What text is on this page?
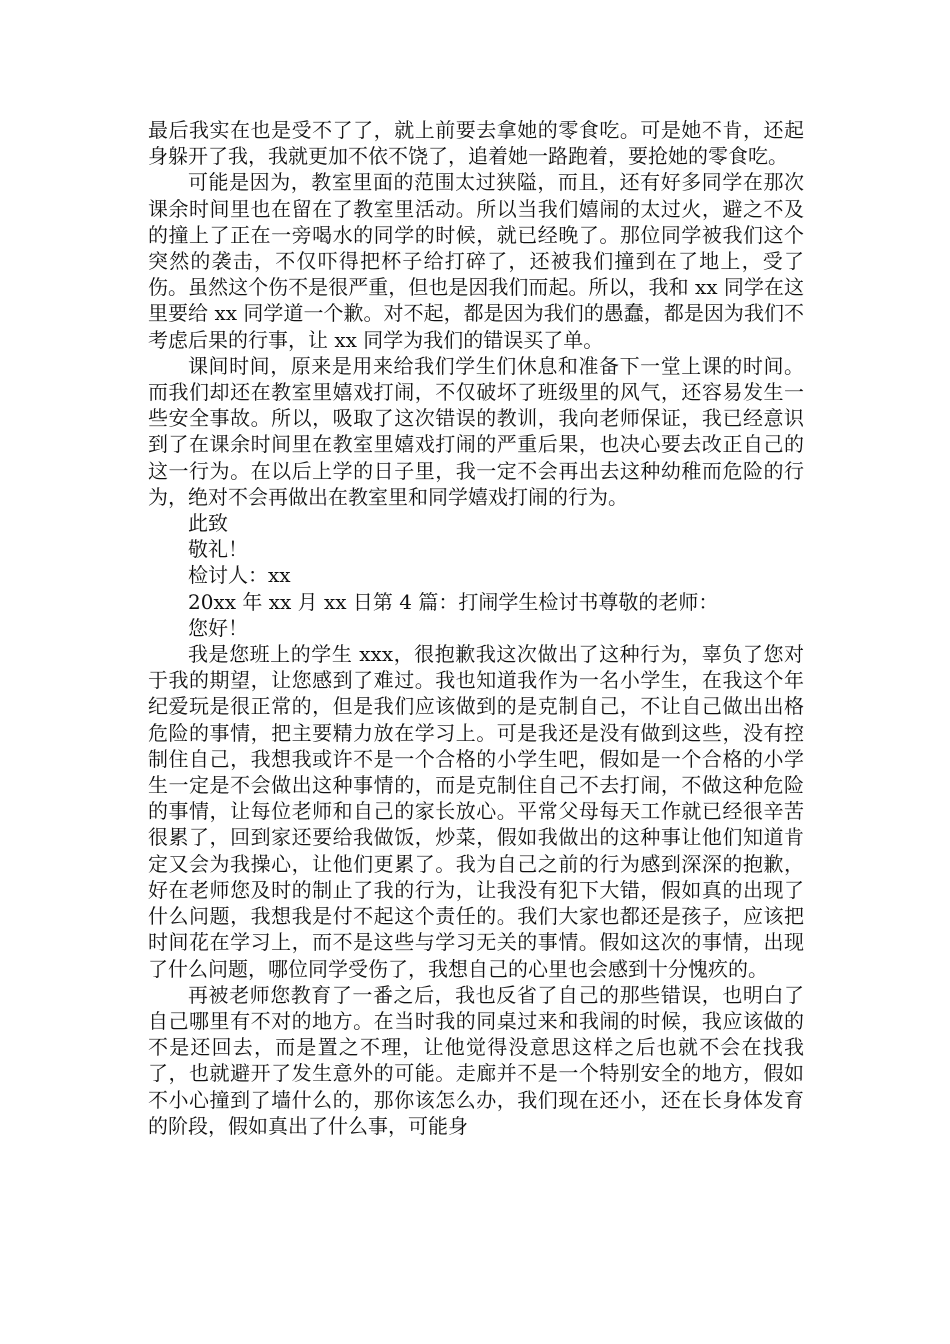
最后我实在也是受不了了，就上前要去拿她的零食吃。可是她不肯，还起身躲开了我，我就更加不依不饶了，追着她一路跑着，要抢她的零食吃。

可能是因为，教室里面的范围太过狭隘，而且，还有好多同学在那次课余时间里也在留在了教室里活动。所以当我们嬉闹的太过火，避之不及的撞上了正在一旁喝水的同学的时候，就已经晚了。那位同学被我们这个突然的袭击，不仅吓得把杯子给打碎了，还被我们撞到在了地上，受了伤。虽然这个伤不是很严重，但也是因我们而起。所以，我和 xx 同学在这里要给 xx 同学道一个歉。对不起，都是因为我们的愚蠢，都是因为我们不考虑后果的行事，让 xx 同学为我们的错误买了单。

课间时间，原来是用来给我们学生们休息和准备下一堂上课的时间。而我们却还在教室里嬉戏打闹，不仅破坏了班级里的风气，还容易发生一些安全事故。所以，吸取了这次错误的教训，我向老师保证，我已经意识到了在课余时间里在教室里嬉戏打闹的严重后果，也决心要去改正自己的这一行为。在以后上学的日子里，我一定不会再出去这种幼稚而危险的行为，绝对不会再做出在教室里和同学嬉戏打闹的行为。

此致

敬礼！

检讨人：xx

20xx 年 xx 月 xx 日第 4 篇：打闹学生检讨书尊敬的老师：

您好！

我是您班上的学生 xxx，很抱歉我这次做出了这种行为，辜负了您对于我的期望，让您感到了难过。我也知道我作为一名小学生，在我这个年纪爱玩是很正常的，但是我们应该做到的是克制自己，不让自己做出出格危险的事情，把主要精力放在学习上。可是我还是没有做到这些，没有控制住自己，我想我或许不是一个合格的小学生吧，假如是一个合格的小学生一定是不会做出这种事情的，而是克制住自己不去打闹，不做这种危险的事情，让每位老师和自己的家长放心。平常父母每天工作就已经很辛苦很累了，回到家还要给我做饭，炒菜，假如我做出的这种事让他们知道肯定又会为我操心，让他们更累了。我为自己之前的行为感到深深的抱歉，好在老师您及时的制止了我的行为，让我没有犯下大错，假如真的出现了什么问题，我想我是付不起这个责任的。我们大家也都还是孩子，应该把时间花在学习上，而不是这些与学习无关的事情。假如这次的事情，出现了什么问题，哪位同学受伤了，我想自己的心里也会感到十分愧疚的。

再被老师您教育了一番之后，我也反省了自己的那些错误，也明白了自己哪里有不对的地方。在当时我的同桌过来和我闹的时候，我应该做的不是还回去，而是置之不理，让他觉得没意思这样之后也就不会在找我了，也就避开了发生意外的可能。走廊并不是一个特别安全的地方，假如不小心撞到了墙什么的，那你该怎么办，我们现在还小，还在长身体发育的阶段，假如真出了什么事，可能身
